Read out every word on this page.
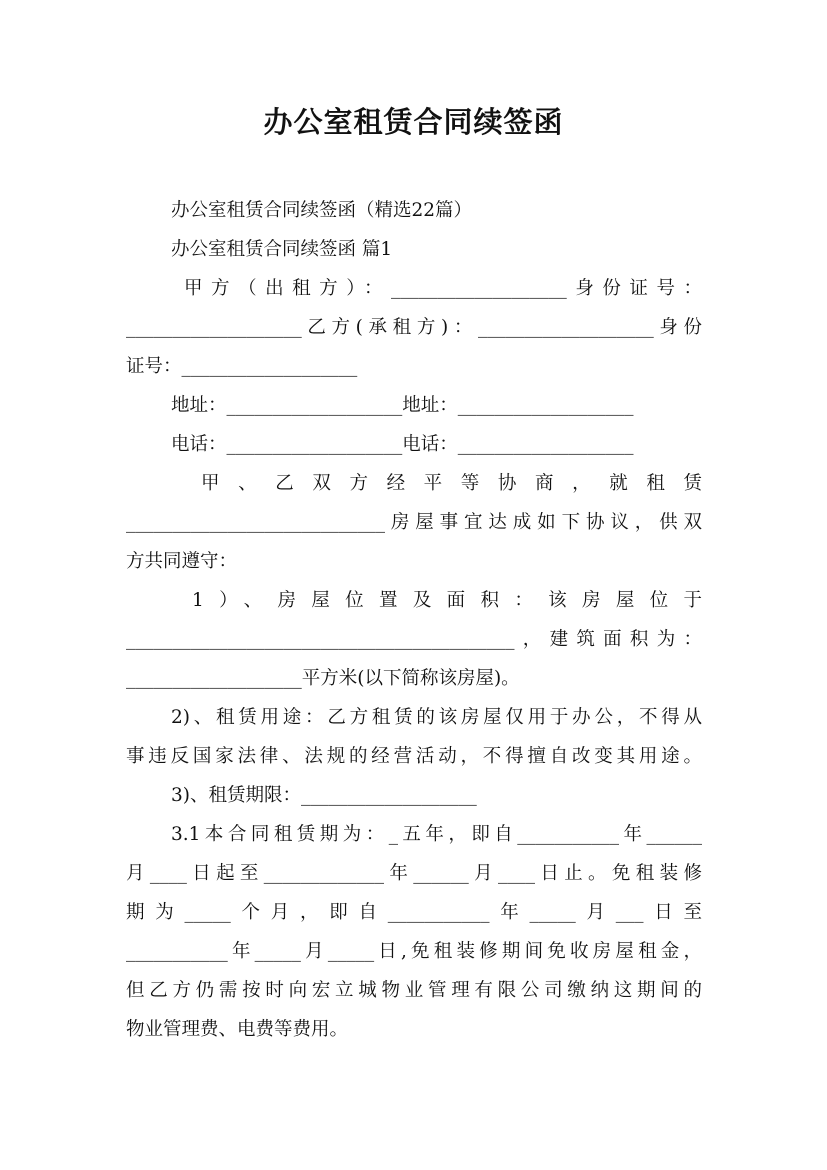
办公室租赁合同续签函
办公室租赁合同续签函（精选22篇）
办公室租赁合同续签函 篇1
甲方（出租方）：___________________身份证号：
___________________乙方(承租方)：___________________身份
证号：___________________
地址：___________________地址：___________________
电话：___________________电话：___________________
甲、乙双方经平等协商，就租赁
____________________________房屋事宜达成如下协议，供双
方共同遵守：
1）、房屋位置及面积：该房屋位于
__________________________________________，建筑面积为：
___________________平方米(以下简称该房屋)。
2)、租赁用途：乙方租赁的该房屋仅用于办公，不得从
事违反国家法律、法规的经营活动，不得擅自改变其用途。
3)、租赁期限：___________________
3.1本合同租赁期为：_五年，即自___________年______
月____日起至_____________年______月____日止。免租装修
期为_____个月，即自___________年_____月___日至
___________年_____月_____日,免租装修期间免收房屋租金，
但乙方仍需按时向宏立城物业管理有限公司缴纳这期间的
物业管理费、电费等费用。
